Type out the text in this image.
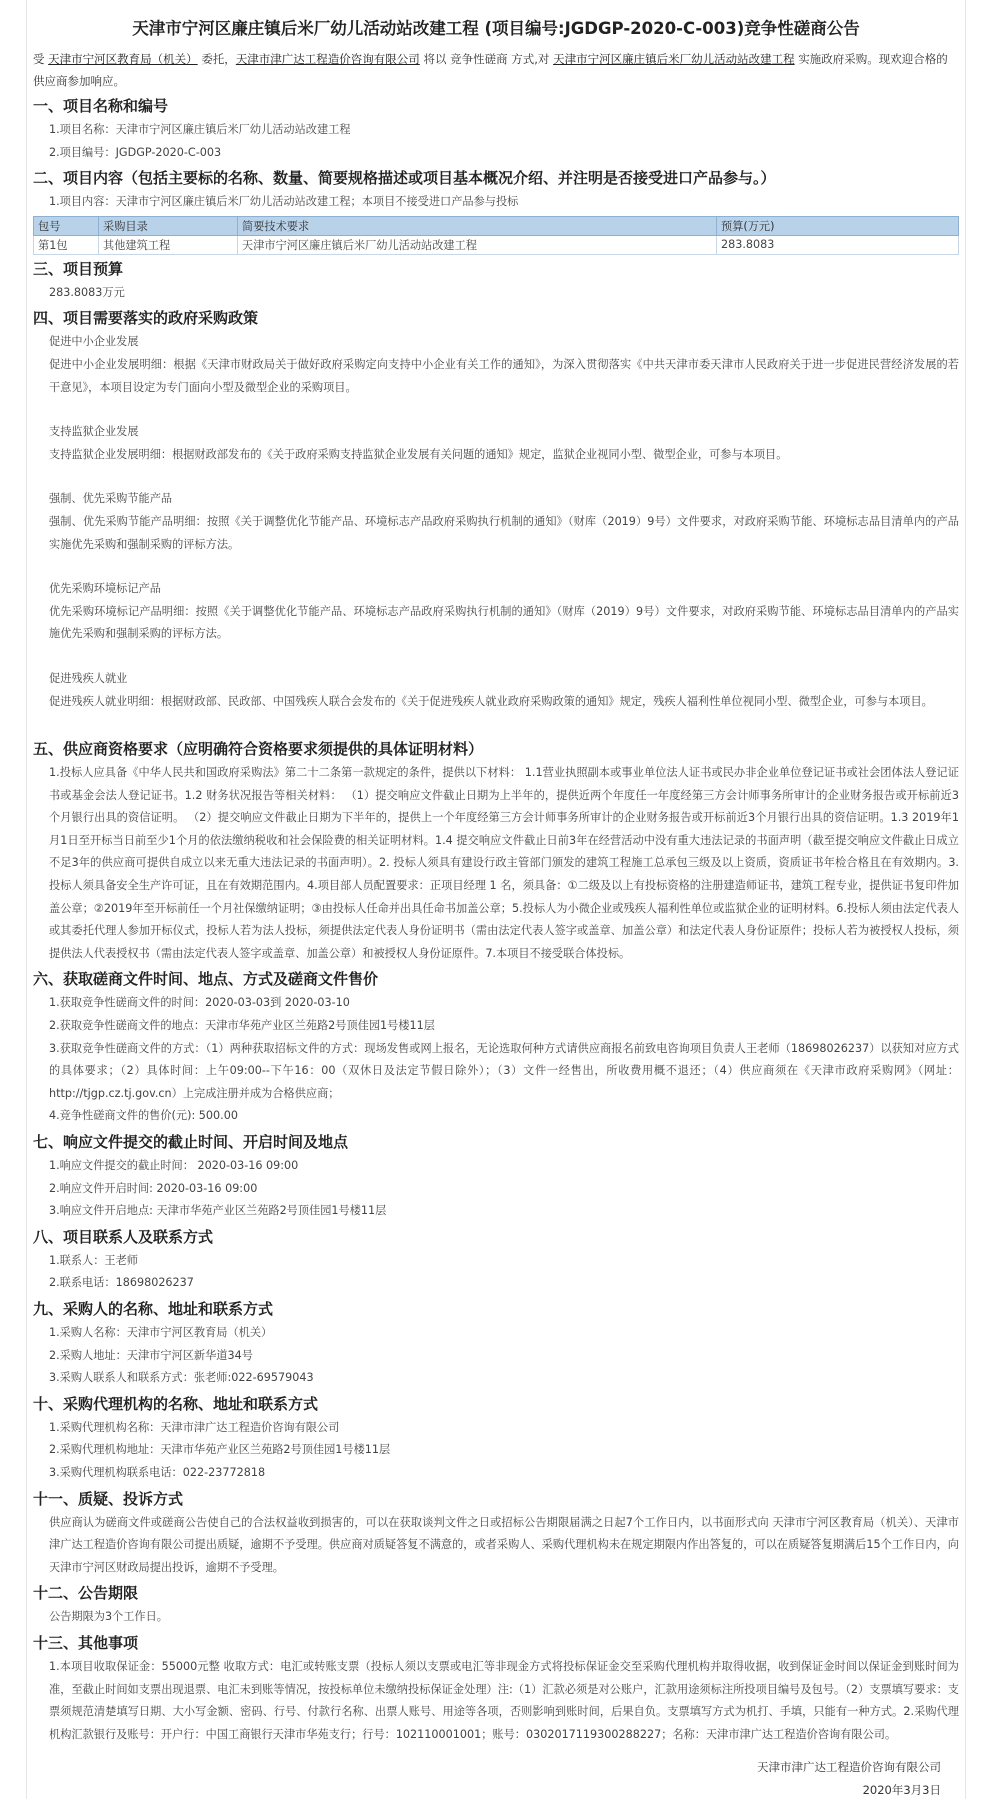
天津市宁河区廉庄镇后米厂幼儿活动站改建工程 (项目编号:JGDGP-2020-C-003)竞争性磋商公告

受 天津市宁河区教育局（机关） 委托，天津市津广达工程造价咨询有限公司 将以 竞争性磋商 方式,对 天津市宁河区廉庄镇后米厂幼儿活动站改建工程 实施政府采购。现欢迎合格的供应商参加响应。

一、项目名称和编号

1.项目名称：天津市宁河区廉庄镇后米厂幼儿活动站改建工程

2.项目编号：JGDGP-2020-C-003

二、项目内容（包括主要标的名称、数量、简要规格描述或项目基本概况介绍、并注明是否接受进口产品参与。）

1.项目内容：天津市宁河区廉庄镇后米厂幼儿活动站改建工程；本项目不接受进口产品参与投标

包号	采购目录	简要技术要求	预算(万元)
第1包	其他建筑工程	天津市宁河区廉庄镇后米厂幼儿活动站改建工程	283.8083
三、项目预算

283.8083万元

四、项目需要落实的政府采购政策

促进中小企业发展

促进中小企业发展明细：根据《天津市财政局关于做好政府采购定向支持中小企业有关工作的通知》，为深入贯彻落实《中共天津市委天津市人民政府关于进一步促进民营经济发展的若干意见》，本项目设定为专门面向小型及微型企业的采购项目。

支持监狱企业发展

支持监狱企业发展明细：根据财政部发布的《关于政府采购支持监狱企业发展有关问题的通知》规定，监狱企业视同小型、微型企业，可参与本项目。

强制、优先采购节能产品

强制、优先采购节能产品明细：按照《关于调整优化节能产品、环境标志产品政府采购执行机制的通知》（财库（2019）9号）文件要求，对政府采购节能、环境标志品目清单内的产品实施优先采购和强制采购的评标方法。

优先采购环境标记产品

优先采购环境标记产品明细：按照《关于调整优化节能产品、环境标志产品政府采购执行机制的通知》（财库（2019）9号）文件要求，对政府采购节能、环境标志品目清单内的产品实施优先采购和强制采购的评标方法。

促进残疾人就业

促进残疾人就业明细：根据财政部、民政部、中国残疾人联合会发布的《关于促进残疾人就业政府采购政策的通知》规定，残疾人福利性单位视同小型、微型企业，可参与本项目。

五、供应商资格要求（应明确符合资格要求须提供的具体证明材料）

1.投标人应具备《中华人民共和国政府采购法》第二十二条第一款规定的条件，提供以下材料： 1.1营业执照副本或事业单位法人证书或民办非企业单位登记证书或社会团体法人登记证书或基金会法人登记证书。1.2 财务状况报告等相关材料： （1）提交响应文件截止日期为上半年的，提供近两个年度任一年度经第三方会计师事务所审计的企业财务报告或开标前近3个月银行出具的资信证明。 （2）提交响应文件截止日期为下半年的，提供上一个年度经第三方会计师事务所审计的企业财务报告或开标前近3个月银行出具的资信证明。1.3 2019年1月1日至开标当日前至少1个月的依法缴纳税收和社会保险费的相关证明材料。1.4 提交响应文件截止日前3年在经营活动中没有重大违法记录的书面声明（截至提交响应文件截止日成立不足3年的供应商可提供自成立以来无重大违法记录的书面声明）。2. 投标人须具有建设行政主管部门颁发的建筑工程施工总承包三级及以上资质，资质证书年检合格且在有效期内。3.投标人须具备安全生产许可证，且在有效期范围内。4.项目部人员配置要求：正项目经理 1 名，须具备：①二级及以上有投标资格的注册建造师证书，建筑工程专业，提供证书复印件加盖公章；②2019年至开标前任一个月社保缴纳证明；③由投标人任命并出具任命书加盖公章；5.投标人为小微企业或残疾人福利性单位或监狱企业的证明材料。6.投标人须由法定代表人或其委托代理人参加开标仪式，投标人若为法人投标，须提供法定代表人身份证明书（需由法定代表人签字或盖章、加盖公章）和法定代表人身份证原件；投标人若为被授权人投标，须提供法人代表授权书（需由法定代表人签字或盖章、加盖公章）和被授权人身份证原件。7.本项目不接受联合体投标。

六、获取磋商文件时间、地点、方式及磋商文件售价

1.获取竞争性磋商文件的时间：2020-03-03到 2020-03-10

2.获取竞争性磋商文件的地点：天津市华苑产业区兰苑路2号顶佳园1号楼11层

3.获取竞争性磋商文件的方式：（1）两种获取招标文件的方式：现场发售或网上报名，无论选取何种方式请供应商报名前致电咨询项目负责人王老师（18698026237）以获知对应方式的具体要求；（2）具体时间：上午09:00--下午16：00（双休日及法定节假日除外）；（3）文件一经售出，所收费用概不退还；（4）供应商须在《天津市政府采购网》（网址：http://tjgp.cz.tj.gov.cn）上完成注册并成为合格供应商；

4.竞争性磋商文件的售价(元): 500.00

七、响应文件提交的截止时间、开启时间及地点

1.响应文件提交的截止时间： 2020-03-16 09:00

2.响应文件开启时间: 2020-03-16 09:00

3.响应文件开启地点: 天津市华苑产业区兰苑路2号顶佳园1号楼11层

八、项目联系人及联系方式

1.联系人：王老师

2.联系电话：18698026237

九、采购人的名称、地址和联系方式

1.采购人名称：天津市宁河区教育局（机关）

2.采购人地址：天津市宁河区新华道34号

3.采购人联系人和联系方式：张老师:022-69579043

十、采购代理机构的名称、地址和联系方式

1.采购代理机构名称：天津市津广达工程造价咨询有限公司

2.采购代理机构地址：天津市华苑产业区兰苑路2号顶佳园1号楼11层

3.采购代理机构联系电话：022-23772818

十一、质疑、投诉方式

供应商认为磋商文件或磋商公告使自己的合法权益收到损害的，可以在获取谈判文件之日或招标公告期限届满之日起7个工作日内，以书面形式向 天津市宁河区教育局（机关）、天津市津广达工程造价咨询有限公司提出质疑，逾期不予受理。供应商对质疑答复不满意的，或者采购人、采购代理机构未在规定期限内作出答复的，可以在质疑答复期满后15个工作日内，向天津市宁河区财政局提出投诉，逾期不予受理。

十二、公告期限

公告期限为3个工作日。

十三、其他事项

1.本项目收取保证金：55000元整 收取方式：电汇或转账支票（投标人须以支票或电汇等非现金方式将投标保证金交至采购代理机构并取得收据，收到保证金时间以保证金到账时间为准，至截止时间如支票出现退票、电汇未到账等情况，按投标单位未缴纳投标保证金处理）注:（1）汇款必须是对公账户，汇款用途须标注所投项目编号及包号。（2）支票填写要求：支票须规范清楚填写日期、大小写金额、密码、行号、付款行名称、出票人账号、用途等各项，否则影响到账时间，后果自负。支票填写方式为机打、手填，只能有一种方式。2.采购代理机构汇款银行及账号：开户行：中国工商银行天津市华苑支行；行号：102110001001；账号：0302017119300288227；名称：天津市津广达工程造价咨询有限公司。

天津市津广达工程造价咨询有限公司
2020年3月3日
